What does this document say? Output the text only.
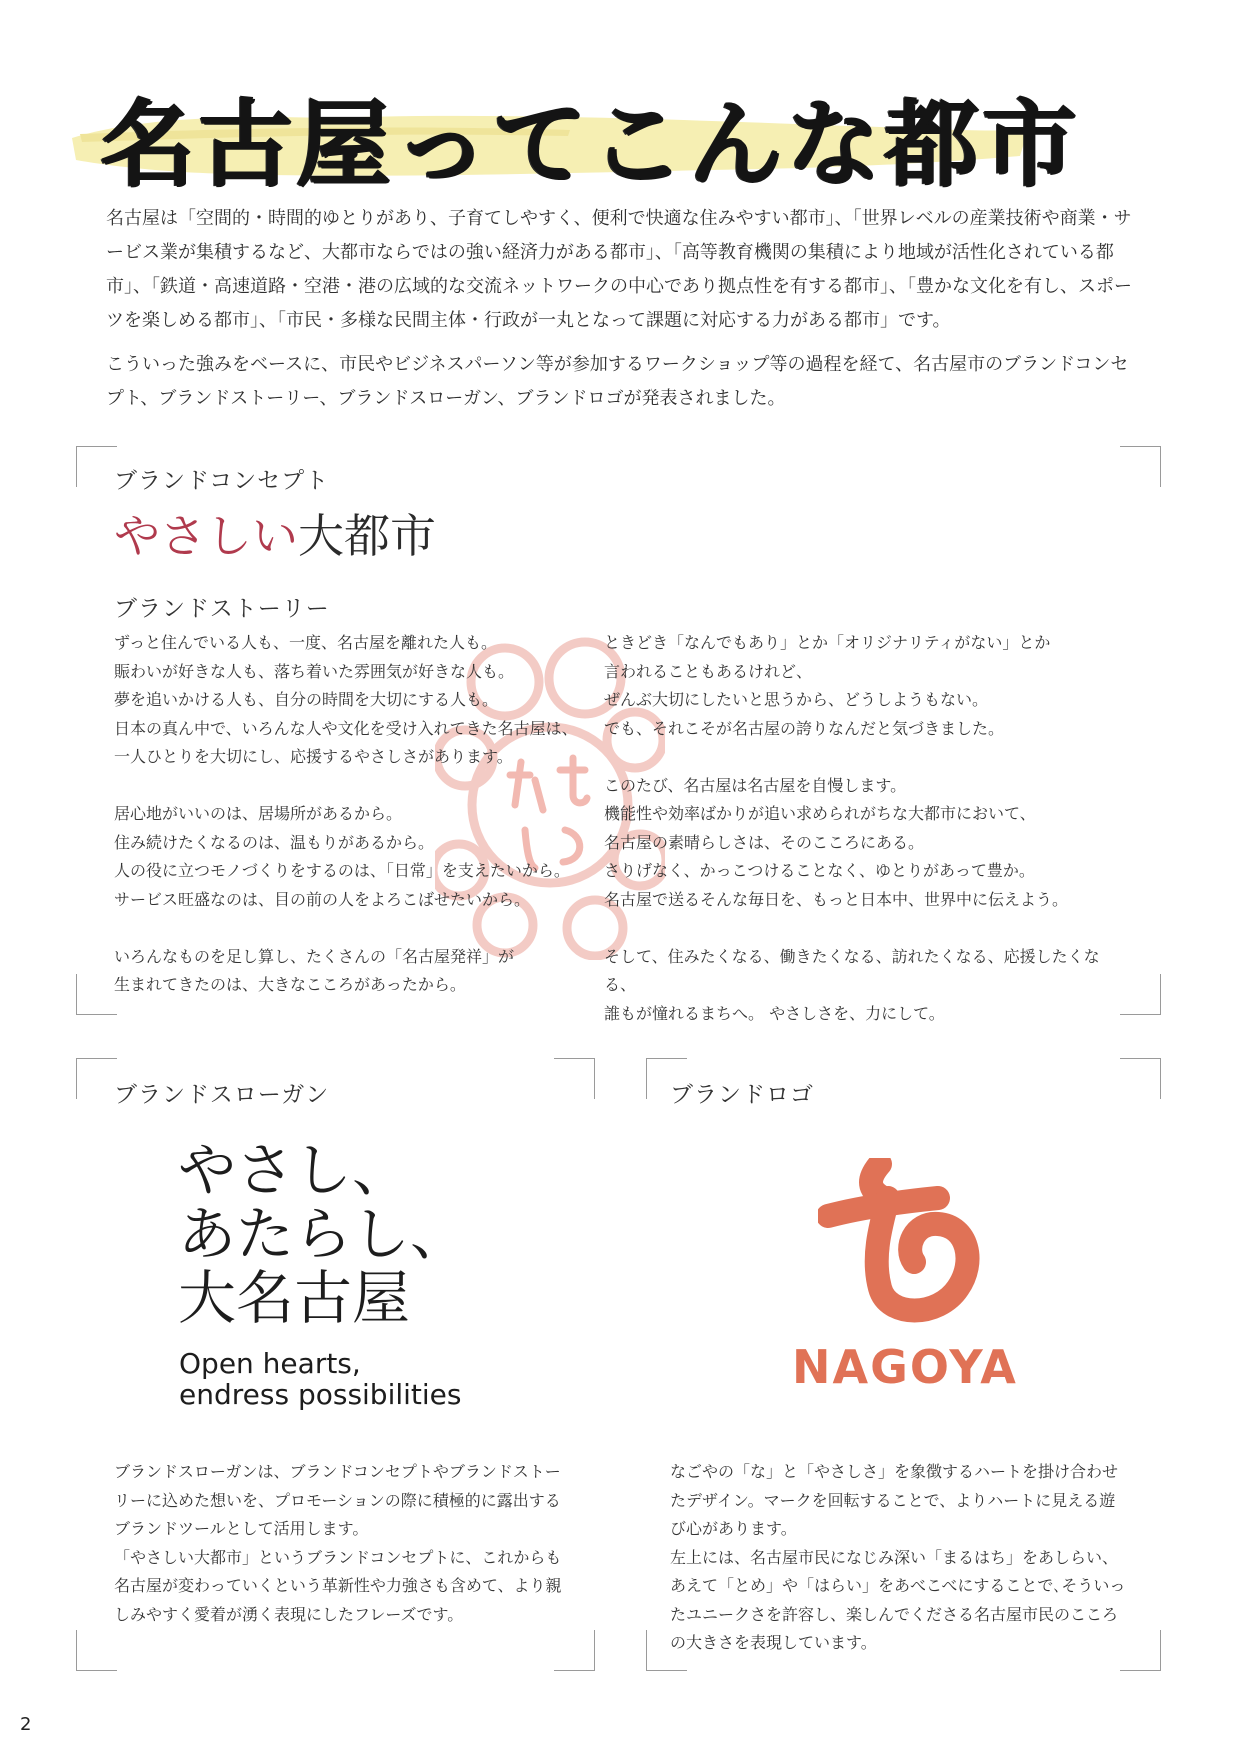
名古屋ってこんな都市
名古屋は「空間的・時間的ゆとりがあり、子育てしやすく、便利で快適な住みやすい都市」、「世界レベルの産業技術や商業・サービス業が集積するなど、大都市ならではの強い経済力がある都市」、「高等教育機関の集積により地域が活性化されている都市」、「鉄道・高速道路・空港・港の広域的な交流ネットワークの中心であり拠点性を有する都市」、「豊かな文化を有し、スポーツを楽しめる都市」、「市民・多様な民間主体・行政が一丸となって課題に対応する力がある都市」です。
こういった強みをベースに、市民やビジネスパーソン等が参加するワークショップ等の過程を経て、名古屋市のブランドコンセプト、ブランドストーリー、ブランドスローガン、ブランドロゴが発表されました。
ブランドコンセプト
やさしい大都市
ブランドストーリー
ずっと住んでいる人も、一度、名古屋を離れた人も。
賑わいが好きな人も、落ち着いた雰囲気が好きな人も。
夢を追いかける人も、自分の時間を大切にする人も。
日本の真ん中で、いろんな人や文化を受け入れてきた名古屋は、
一人ひとりを大切にし、応援するやさしさがあります。

居心地がいいのは、居場所があるから。
住み続けたくなるのは、温もりがあるから。
人の役に立つモノづくりをするのは、「日常」を支えたいから。
サービス旺盛なのは、目の前の人をよろこばせたいから。

いろんなものを足し算し、たくさんの「名古屋発祥」が
生まれてきたのは、大きなこころがあったから。
ときどき「なんでもあり」とか「オリジナリティがない」とか
言われることもあるけれど、
ぜんぶ大切にしたいと思うから、どうしようもない。
でも、それこそが名古屋の誇りなんだと気づきました。

このたび、名古屋は名古屋を自慢します。
機能性や効率ばかりが追い求められがちな大都市において、
名古屋の素晴らしさは、そのこころにある。
さりげなく、かっこつけることなく、ゆとりがあって豊か。
名古屋で送るそんな毎日を、もっと日本中、世界中に伝えよう。

そして、住みたくなる、働きたくなる、訪れたくなる、応援したくなる、
誰もが憧れるまちへ。 やさしさを、力にして。
ブランドスローガン
やさし、
あたらし、
大名古屋
Open hearts,
endress possibilities
ブランドスローガンは、ブランドコンセプトやブランドストー
リーに込めた想いを、プロモーションの際に積極的に露出する
ブランドツールとして活用します。
「やさしい大都市」というブランドコンセプトに、これからも
名古屋が変わっていくという革新性や力強さも含めて、より親
しみやすく愛着が湧く表現にしたフレーズです。
ブランドロゴ
NAGOYA
なごやの「な」と「やさしさ」を象徴するハートを掛け合わせ
たデザイン。マークを回転することで、よりハートに見える遊
び心があります。
左上には、名古屋市民になじみ深い「まるはち」をあしらい、
あえて「とめ」や「はらい」をあべこべにすることで､そういっ
たユニークさを許容し、楽しんでくださる名古屋市民のこころ
の大きさを表現しています。
2
